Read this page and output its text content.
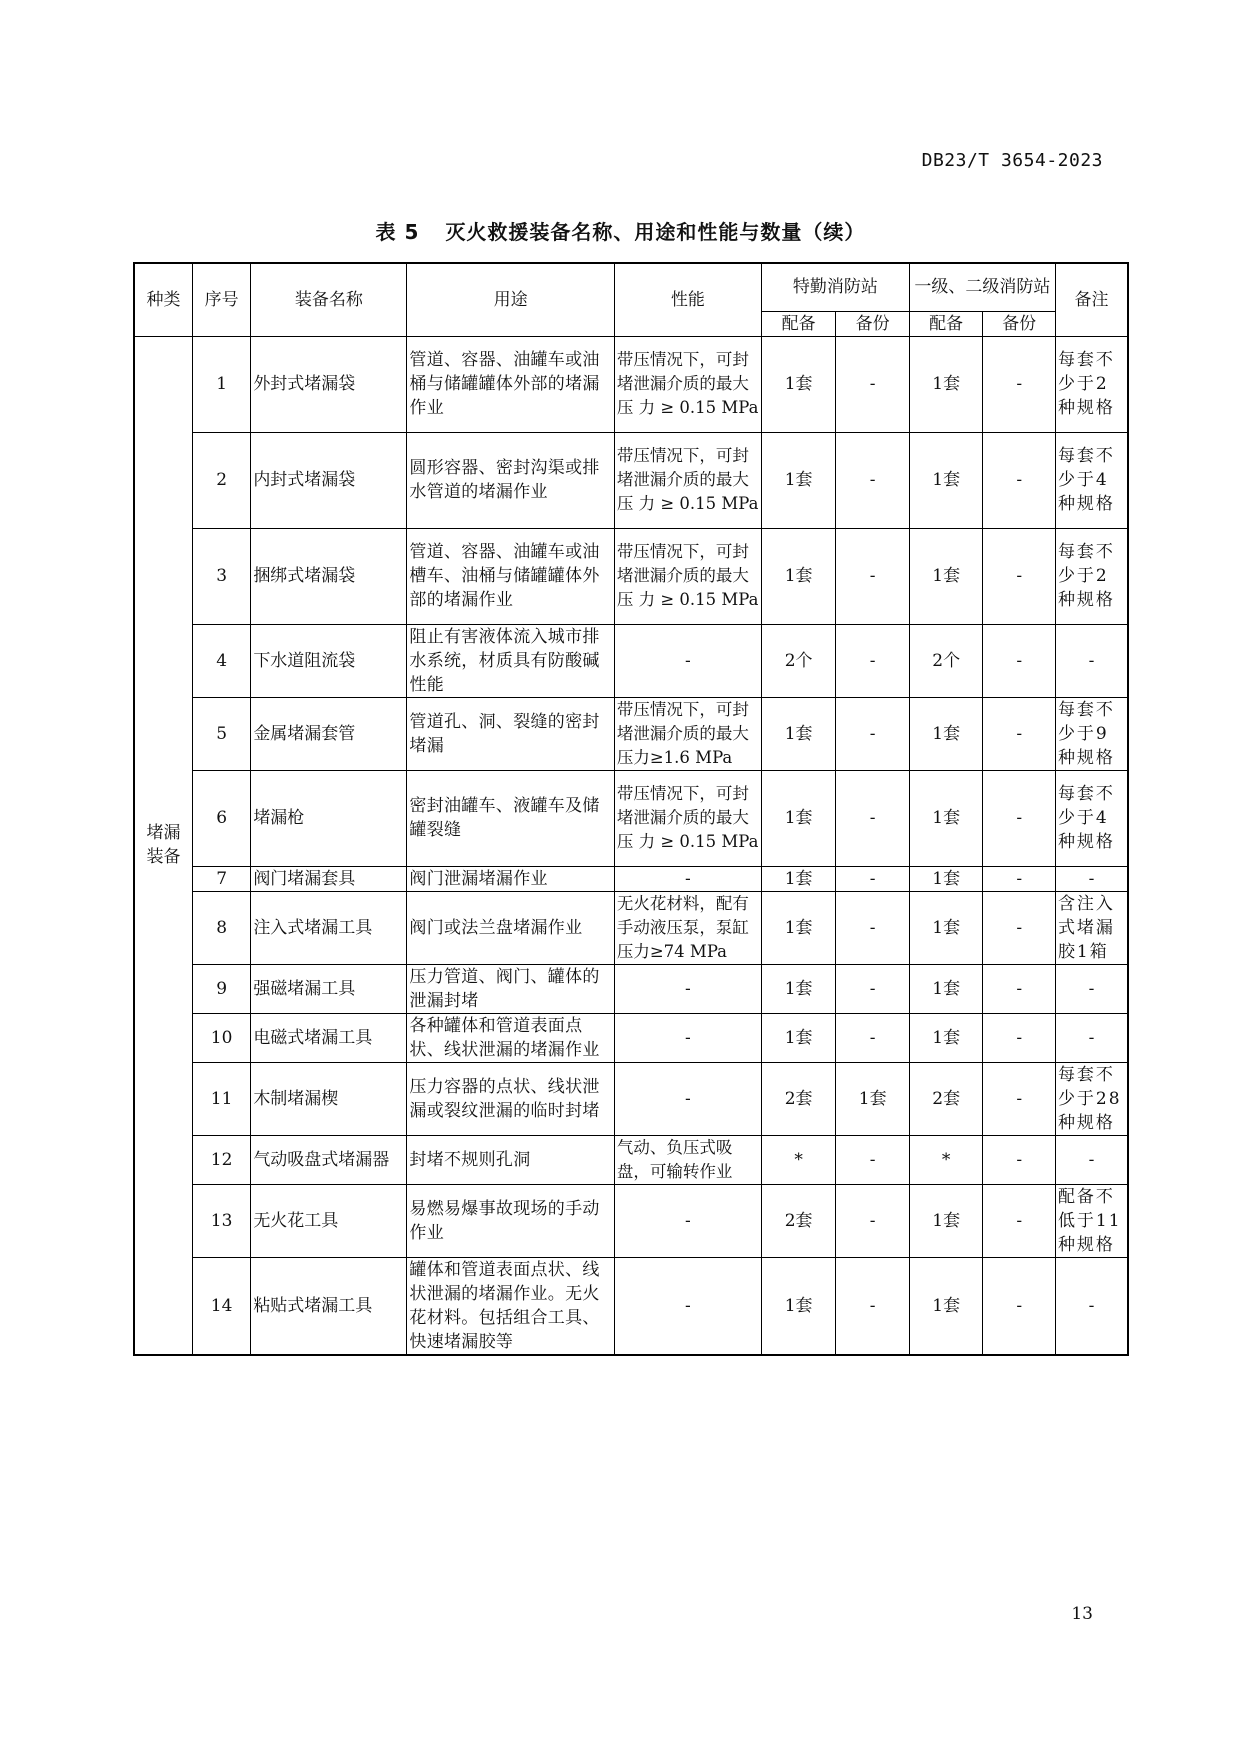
DB23/T 3654-2023
表 5 灭火救援装备名称、用途和性能与数量（续）
种类	序号	装备名称	用途	性能	特勤消防站		一级、二级消防站		备注
					配备	备份	配备	备份	
堵漏装备	1	外封式堵漏袋	管道、容器、油罐车或油桶与储罐罐体外部的堵漏作业	带压情况下，可封堵泄漏介质的最大 压 力 ≥ 0.15 MPa	1套	-	1套	-	每套不少于2种规格
	2	内封式堵漏袋	圆形容器、密封沟渠或排水管道的堵漏作业	带压情况下，可封堵泄漏介质的最大 压 力 ≥ 0.15 MPa	1套	-	1套	-	每套不少于4种规格
	3	捆绑式堵漏袋	管道、容器、油罐车或油槽车、油桶与储罐罐体外部的堵漏作业	带压情况下，可封堵泄漏介质的最大 压 力 ≥ 0.15 MPa	1套	-	1套	-	每套不少于2种规格
	4	下水道阻流袋	阻止有害液体流入城市排水系统，材质具有防酸碱性能	-	2个	-	2个	-	-
	5	金属堵漏套管	管道孔、洞、裂缝的密封堵漏	带压情况下，可封堵泄漏介质的最大压力≥1.6 MPa	1套	-	1套	-	每套不少于9种规格
	6	堵漏枪	密封油罐车、液罐车及储罐裂缝	带压情况下，可封堵泄漏介质的最大 压 力 ≥ 0.15 MPa	1套	-	1套	-	每套不少于4种规格
	7	阀门堵漏套具	阀门泄漏堵漏作业	-	1套	-	1套	-	-
	8	注入式堵漏工具	阀门或法兰盘堵漏作业	无火花材料，配有手动液压泵，泵缸压力≥74 MPa	1套	-	1套	-	含注入式堵漏胶1箱
	9	强磁堵漏工具	压力管道、阀门、罐体的泄漏封堵	-	1套	-	1套	-	-
	10	电磁式堵漏工具	各种罐体和管道表面点状、线状泄漏的堵漏作业	-	1套	-	1套	-	-
	11	木制堵漏楔	压力容器的点状、线状泄漏或裂纹泄漏的临时封堵	-	2套	1套	2套	-	每套不少于28种规格
	12	气动吸盘式堵漏器	封堵不规则孔洞	气动、负压式吸盘，可输转作业	*	-	*	-	-
	13	无火花工具	易燃易爆事故现场的手动作业	-	2套	-	1套	-	配备不低于11种规格
	14	粘贴式堵漏工具	罐体和管道表面点状、线状泄漏的堵漏作业。无火花材料。包括组合工具、快速堵漏胶等	-	1套	-	1套	-	-
13
